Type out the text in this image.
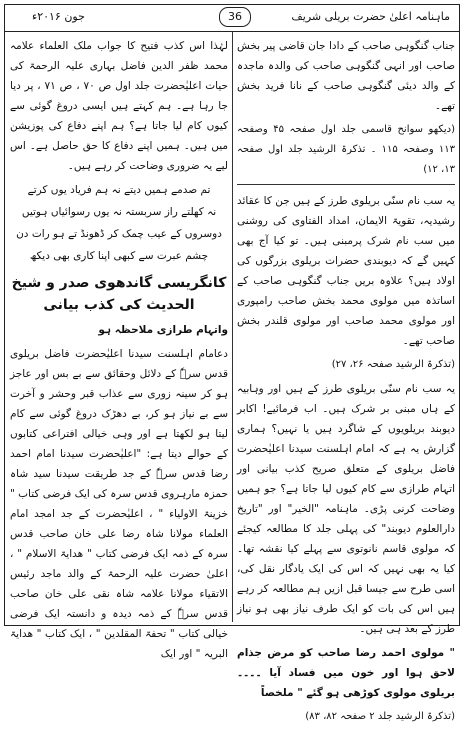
ماہنامہ اعلیٰ حضرت بریلی شریف
36
جون ۲۰۱۶ء

جناب گنگوہی صاحب کے دادا جان قاضی پیر بخش صاحب اور انہی گنگوہی صاحب کی والدہ ماجدہ کے والد دیئی گنگوہی صاحب کے نانا فرید بخش تھے۔

(دیکھو سوانح قاسمی جلد اول صفحہ ۴۵ وصفحہ ۱۱۳ وصفحہ ۱۱۵ ۔ تذکرۃ الرشید جلد اول صفحہ ۱۳، ۱۲)

یہ سب نام سنّی بریلوی طرز کے ہیں جن کا عقائد رشیدیہ، تقویۃ الایمان، امداد الفتاوی کی روشنی میں سب نام شرک پرمبنی ہیں۔ تو کیا آج بھی کہیں گے کہ دیوبندی حضرات بریلوی بزرگوں کی اولاد ہیں؟ علاوہ بریں جناب گنگوہی صاحب کے اساتذہ میں مولوی محمد بخش صاحب رامپوری اور مولوی محمد صاحب اور مولوی قلندر بخش صاحب تھے۔

(تذکرۃ الرشید صفحہ ۲۶، ۲۷)

یہ سب نام سنّی بریلوی طرز کے ہیں اور وہابیہ کے ہاں مبنی بر شرک ہیں۔ اب فرمائیے! اکابر دیوبند بریلویوں کے شاگرد ہیں یا نہیں؟ ہماری گزارش یہ ہے کہ امام اہلسنت سیدنا اعلیٰحضرت فاضل بریلوی کے متعلق صریح کذب بیانی اور اتہام طرازی سے کام کیوں لیا جاتا ہے؟ جو ہمیں وضاحت کرنی پڑی۔ ماہنامہ "الخیر" اور "تاریخ دارالعلوم دیوبند" کی پہلی جلد کا مطالعہ کیجئے کہ مولوی قاسم نانوتوی سے پہلے کیا نقشہ تھا۔ کیا یہ بھی نہیں کہ اس کی ایک یادگار نقل کی، اسی طرح سے جیسا قبل ازیں ہم مطالعہ کر رہے ہیں اس کی بات کو ایک طرف نیاز بھی ہو نیاز طرز کے بعد ہی ہیں۔

" مولوی احمد رضا صاحب کو مرض جذام لاحق ہوا اور خون میں فساد آیا ۔۔۔۔ بریلوی مولوی کوڑھی ہو گئے " ملخصاً

(تذکرۃ الرشید جلد ۲ صفحہ ۸۲، ۸۳)

لہٰذا اس کذب فتیح کا جواب ملک العلماء علامہ محمد ظفر الدین فاضل بہاری علیہ الرحمۃ کی حیات اعلیٰحضرت جلد اول ص ۷۰ ، ص ۷۱ ، پر دیا جا رہا ہے۔ ہم کہتے ہیں ایسی دروغ گوئی سے کیوں کام لیا جاتا ہے؟ ہم اپنے دفاع کی پوزیشن میں ہیں۔ ہمیں اپنے دفاع کا حق حاصل ہے۔ اس لیے یہ ضروری وضاحت کر رہے ہیں۔

تم صدمے ہمیں دیتے نہ ہم فریاد یوں کرتے
نہ کھلتے راز سربستہ نہ یوں رسوائیاں ہوتیں
دوسروں کے عیب چمک کر ڈھونڈ تے ہو رات دن
چشم عبرت سے کبھی اپنا کاری بھی دیکھ
کانگریسی گاندھوی صدر و شیخ الحدیث کی کذب بیانی

واتہام طرازی ملاحظہ ہو

دعامام اہلسنت سیدنا اعلیٰحضرت فاضل بریلوی قدس سرہٗ کے دلائل وحقائق سے بے بس اور عاجز ہو کر سینہ زوری سے عذاب قبر وحشر و آخرت سے بے نیاز ہو کر، بے دھڑک دروغ گوئی سے کام لیتا ہو لکھتا ہے اور وہی خیالی افتراعی کتابوں کے حوالے دیتا ہے: "اعلیٰحضرت سیدنا امام احمد رضا قدس سرہٗ کے جد طریقت سیدنا سید شاہ حمزہ مارہروی قدس سرہ کی ایک فرضی کتاب " خزینۃ الاولیاء " ، اعلیٰحضرت کے جد امجد امام العلماء مولانا شاہ رضا علی خان صاحب قدس سرہ کے ذمہ ایک فرضی کتاب " ھدایۃ الاسلام " ، اعلیٰ حضرت علیہ الرحمۃ کے والد ماجد رئیس الاتقیاء مولانا علامہ شاہ نقی علی خان صاحب قدس سرہٗ کے ذمہ دیدہ و دانستہ ایک فرضی خیالی کتاب " تحفۃ المقلدین " ، ایک کتاب " ھدایۃ البریہ " اور ایک
